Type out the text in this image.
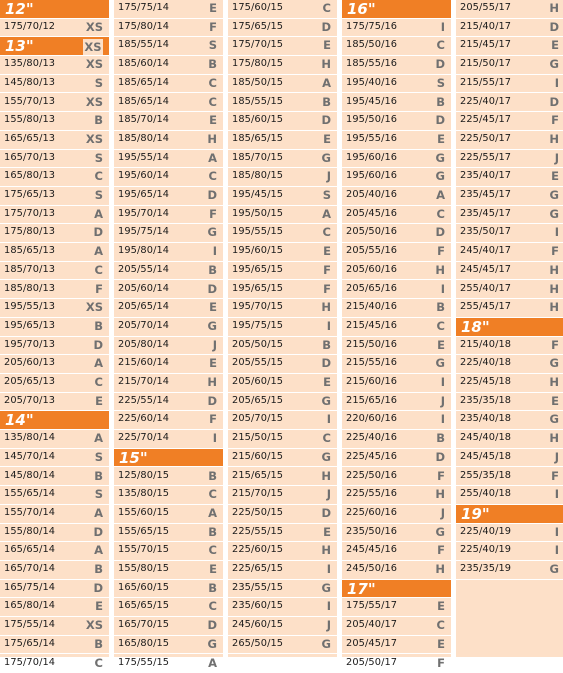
12"
175/70/12	XS
13"	XS
135/80/13	XS
145/80/13	S
155/70/13	XS
155/80/13	B
165/65/13	XS
165/70/13	S
165/80/13	C
175/65/13	S
175/70/13	A
175/80/13	D
185/65/13	A
185/70/13	C
185/80/13	F
195/55/13	XS
195/65/13	B
195/70/13	D
205/60/13	A
205/65/13	C
205/70/13	E
14"
135/80/14	A
145/70/14	S
145/80/14	B
155/65/14	S
155/70/14	A
155/80/14	D
165/65/14	A
165/70/14	B
165/75/14	D
165/80/14	E
175/55/14	XS
175/65/14	B
175/70/14	C
175/75/14	E
175/80/14	F
185/55/14	S
185/60/14	B
185/65/14	C
185/65/14	C
185/70/14	E
185/80/14	H
195/55/14	A
195/60/14	C
195/65/14	D
195/70/14	F
195/75/14	G
195/80/14	I
205/55/14	B
205/60/14	D
205/65/14	E
205/70/14	G
205/80/14	J
215/60/14	E
215/70/14	H
225/55/14	D
225/60/14	F
225/70/14	I
15"
125/80/15	B
135/80/15	C
155/60/15	A
155/65/15	B
155/70/15	C
155/80/15	E
165/60/15	B
165/65/15	C
165/70/15	D
165/80/15	G
175/55/15	A
175/60/15	C
175/65/15	D
175/70/15	E
175/80/15	H
185/50/15	A
185/55/15	B
185/60/15	D
185/65/15	E
185/70/15	G
185/80/15	J
195/45/15	S
195/50/15	A
195/55/15	C
195/60/15	E
195/65/15	F
195/65/15	F
195/70/15	H
195/75/15	I
205/50/15	B
205/55/15	D
205/60/15	E
205/65/15	G
205/70/15	I
215/50/15	C
215/60/15	G
215/65/15	H
215/70/15	J
225/50/15	D
225/55/15	E
225/60/15	H
225/65/15	I
235/55/15	G
235/60/15	I
245/60/15	J
265/50/15	G
16"
175/75/16	I
185/50/16	C
185/55/16	D
195/40/16	S
195/45/16	B
195/50/16	D
195/55/16	E
195/60/16	G
195/60/16	G
205/40/16	A
205/45/16	C
205/50/16	D
205/55/16	F
205/60/16	H
205/65/16	I
215/40/16	B
215/45/16	C
215/50/16	E
215/55/16	G
215/60/16	I
215/65/16	J
220/60/16	I
225/40/16	B
225/45/16	D
225/50/16	F
225/55/16	H
225/60/16	J
235/50/16	G
245/45/16	F
245/50/16	H
17"
175/55/17	E
205/40/17	C
205/45/17	E
205/50/17	F
205/55/17	H
215/40/17	D
215/45/17	E
215/50/17	G
215/55/17	I
225/40/17	D
225/45/17	F
225/50/17	H
225/55/17	J
235/40/17	E
235/45/17	G
235/45/17	G
235/50/17	I
245/40/17	F
245/45/17	H
255/40/17	H
255/45/17	H
18"
215/40/18	F
225/40/18	G
225/45/18	H
235/35/18	E
235/40/18	G
245/40/18	H
245/45/18	J
255/35/18	F
255/40/18	I
19"
225/40/19	I
225/40/19	I
235/35/19	G
